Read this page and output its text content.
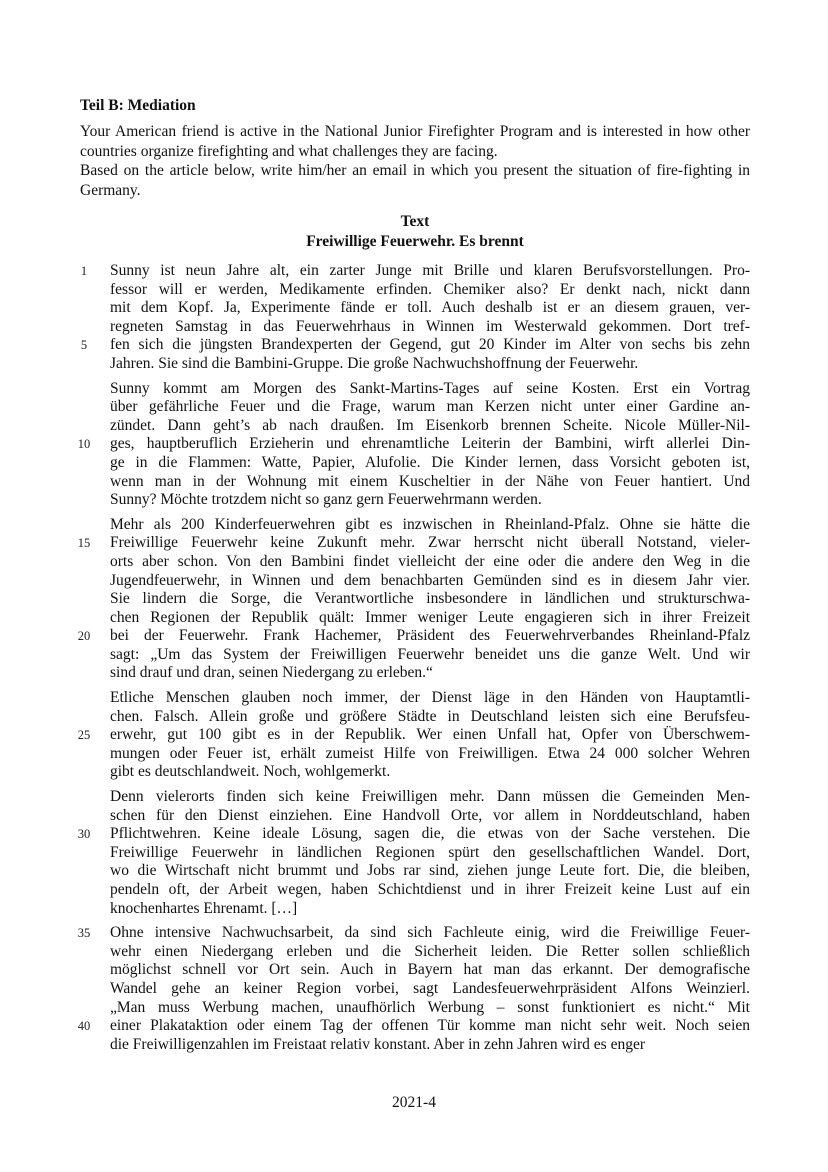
Teil B: Mediation

Your American friend is active in the National Junior Firefighter Program and is interested in how other countries organize firefighting and what challenges they are facing.

Based on the article below, write him/her an email in which you present the situation of fire-fighting in Germany.

Text
Freiwillige Feuerwehr. Es brennt
1	Sunny ist neun Jahre alt, ein zarter Junge mit Brille und klaren Berufsvorstellungen. Pro-
fessor will er werden, Medikamente erfinden. Chemiker also? Er denkt nach, nickt dann
mit dem Kopf. Ja, Experimente fände er toll. Auch deshalb ist er an diesem grauen, ver-
regneten Samstag in das Feuerwehrhaus in Winnen im Westerwald gekommen. Dort tref-
5	fen sich die jüngsten Brandexperten der Gegend, gut 20 Kinder im Alter von sechs bis zehn
Jahren. Sie sind die Bambini-Gruppe. Die große Nachwuchshoffnung der Feuerwehr.
Sunny kommt am Morgen des Sankt-Martins-Tages auf seine Kosten. Erst ein Vortrag
über gefährliche Feuer und die Frage, warum man Kerzen nicht unter einer Gardine an-
zündet. Dann geht’s ab nach draußen. Im Eisenkorb brennen Scheite. Nicole Müller-Nil-
10	ges, hauptberuflich Erzieherin und ehrenamtliche Leiterin der Bambini, wirft allerlei Din-
ge in die Flammen: Watte, Papier, Alufolie. Die Kinder lernen, dass Vorsicht geboten ist,
wenn man in der Wohnung mit einem Kuscheltier in der Nähe von Feuer hantiert. Und
Sunny? Möchte trotzdem nicht so ganz gern Feuerwehrmann werden.
Mehr als 200 Kinderfeuerwehren gibt es inzwischen in Rheinland-Pfalz. Ohne sie hätte die
15	Freiwillige Feuerwehr keine Zukunft mehr. Zwar herrscht nicht überall Notstand, vieler-
orts aber schon. Von den Bambini findet vielleicht der eine oder die andere den Weg in die
Jugendfeuerwehr, in Winnen und dem benachbarten Gemünden sind es in diesem Jahr vier.
Sie lindern die Sorge, die Verantwortliche insbesondere in ländlichen und strukturschwa-
chen Regionen der Republik quält: Immer weniger Leute engagieren sich in ihrer Freizeit
20	bei der Feuerwehr. Frank Hachemer, Präsident des Feuerwehrverbandes Rheinland-Pfalz
sagt: „Um das System der Freiwilligen Feuerwehr beneidet uns die ganze Welt. Und wir
sind drauf und dran, seinen Niedergang zu erleben.“
Etliche Menschen glauben noch immer, der Dienst läge in den Händen von Hauptamtli-
chen. Falsch. Allein große und größere Städte in Deutschland leisten sich eine Berufsfeu-
25	erwehr, gut 100 gibt es in der Republik. Wer einen Unfall hat, Opfer von Überschwem-
mungen oder Feuer ist, erhält zumeist Hilfe von Freiwilligen. Etwa 24 000 solcher Wehren
gibt es deutschlandweit. Noch, wohlgemerkt.
Denn vielerorts finden sich keine Freiwilligen mehr. Dann müssen die Gemeinden Men-
schen für den Dienst einziehen. Eine Handvoll Orte, vor allem in Norddeutschland, haben
30	Pflichtwehren. Keine ideale Lösung, sagen die, die etwas von der Sache verstehen. Die
Freiwillige Feuerwehr in ländlichen Regionen spürt den gesellschaftlichen Wandel. Dort,
wo die Wirtschaft nicht brummt und Jobs rar sind, ziehen junge Leute fort. Die, die bleiben,
pendeln oft, der Arbeit wegen, haben Schichtdienst und in ihrer Freizeit keine Lust auf ein
knochenhartes Ehrenamt. […]
35	Ohne intensive Nachwuchsarbeit, da sind sich Fachleute einig, wird die Freiwillige Feuer-
wehr einen Niedergang erleben und die Sicherheit leiden. Die Retter sollen schließlich
möglichst schnell vor Ort sein. Auch in Bayern hat man das erkannt. Der demografische
Wandel gehe an keiner Region vorbei, sagt Landesfeuerwehrpräsident Alfons Weinzierl.
„Man muss Werbung machen, unaufhörlich Werbung – sonst funktioniert es nicht.“ Mit
40	einer Plakataktion oder einem Tag der offenen Tür komme man nicht sehr weit. Noch seien
die Freiwilligenzahlen im Freistaat relativ konstant. Aber in zehn Jahren wird es enger
2021-4
